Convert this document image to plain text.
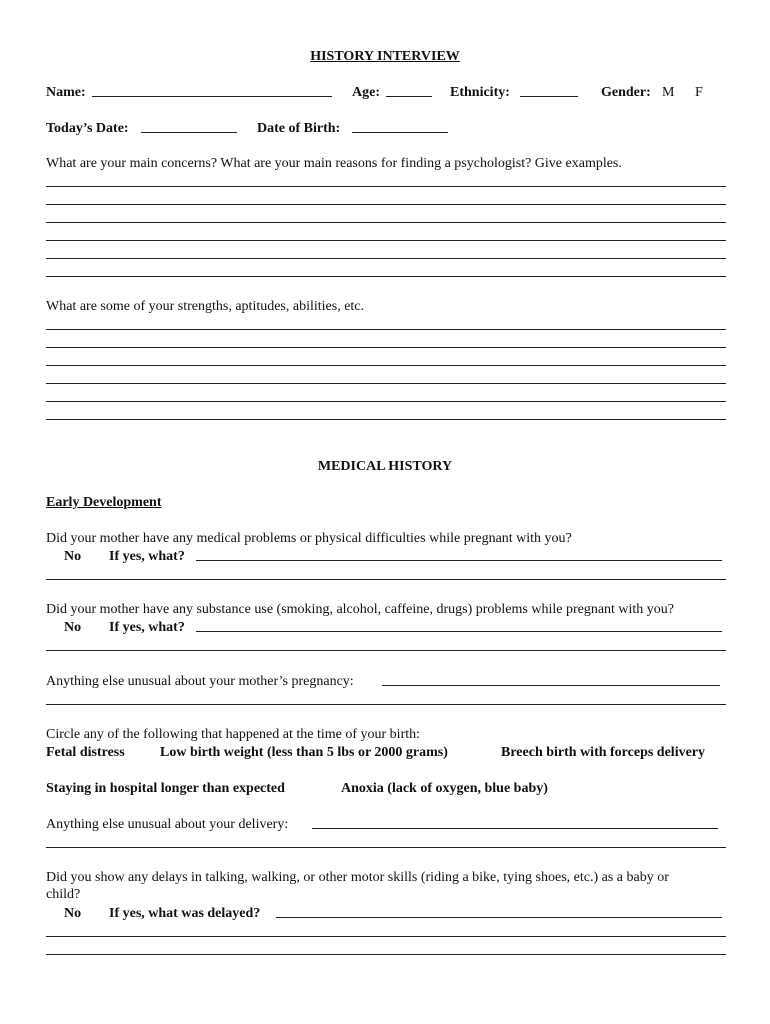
HISTORY INTERVIEW
Name:	Age:	Ethnicity:	Gender: M F
Today’s Date:	Date of Birth:
What are your main concerns? What are your main reasons for finding a psychologist? Give examples.
What are some of your strengths, aptitudes, abilities, etc.
MEDICAL HISTORY
Early Development
Did your mother have any medical problems or physical difficulties while pregnant with you?
No If yes, what?
Did your mother have any substance use (smoking, alcohol, caffeine, drugs) problems while pregnant with you?
No If yes, what?
Anything else unusual about your mother’s pregnancy:
Circle any of the following that happened at the time of your birth:
Fetal distress	Low birth weight (less than 5 lbs or 2000 grams)	Breech birth with forceps delivery
Staying in hospital longer than expected	Anoxia (lack of oxygen, blue baby)
Anything else unusual about your delivery:
Did you show any delays in talking, walking, or other motor skills (riding a bike, tying shoes, etc.) as a baby or
child?
No If yes, what was delayed?
